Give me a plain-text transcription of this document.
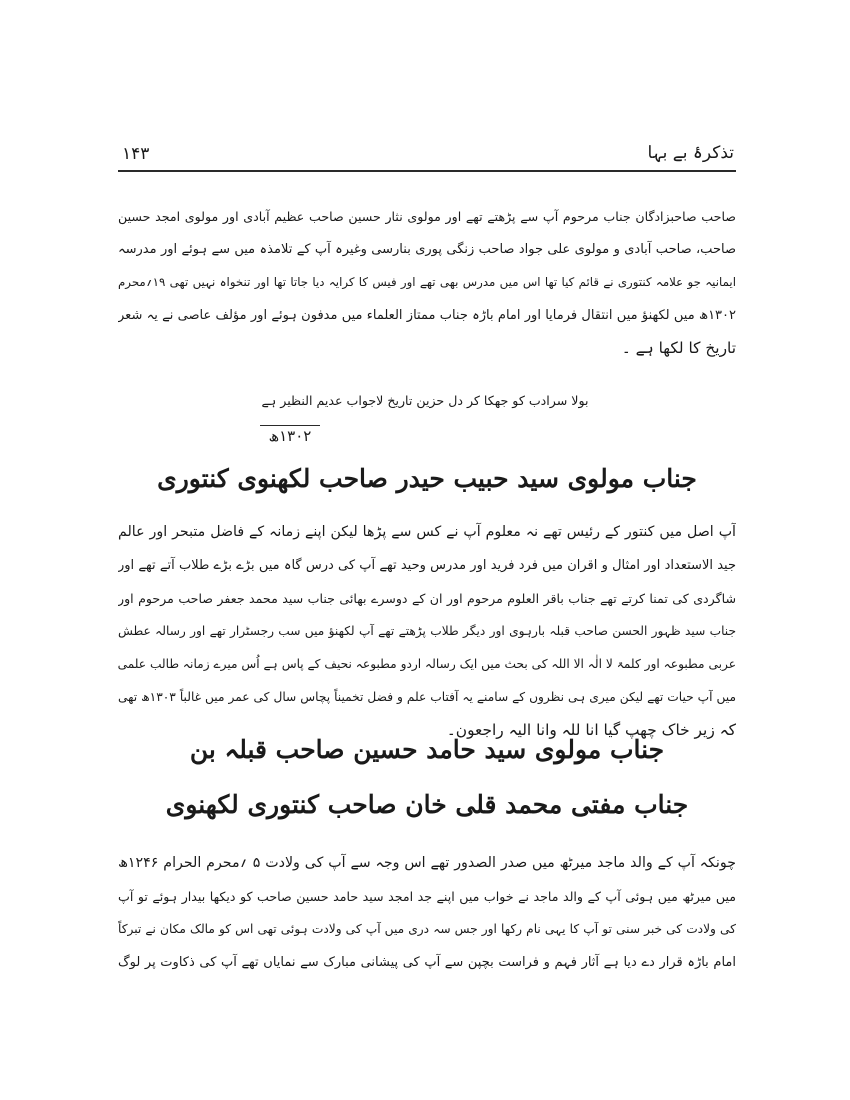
تذکرۂ بے بہا
۱۴۳
صاحب صاحبزادگان جناب مرحوم آپ سے پڑھتے تھے اور مولوی نثار حسین صاحب عظیم آبادی اور مولوی امجد حسین
صاحب، صاحب آبادی و مولوی علی جواد صاحب زنگی پوری بنارسی وغیرہ آپ کے تلامذہ میں سے ہوئے اور مدرسہ
ایمانیہ جو علامہ کنتوری نے قائم کیا تھا اس میں مدرس بھی تھے اور فیس کا کرایہ دیا جاتا تھا اور تنخواہ نہیں تھی ۱۹؍محرم
۱۳۰۲ھ میں لکھنؤ میں انتقال فرمایا اور امام باڑہ جناب ممتاز العلماء میں مدفون ہوئے اور مؤلف عاصی نے یہ شعر
تاریخ کا لکھا ہے ۔
بولا سرادب کو جھکا کر دل حزین تاریخ لاجواب عدیم النظیر ہے
۱۳۰۲ھ
جناب مولوی سید حبیب حیدر صاحب لکھنوی کنتوری
آپ اصل میں کنتور کے رئیس تھے نہ معلوم آپ نے کس سے پڑھا لیکن اپنے زمانہ کے فاضل متبحر اور عالم
جید الاستعداد اور امثال و اقران میں فرد فرید اور مدرس وحید تھے آپ کی درس گاہ میں بڑے بڑے طلاب آتے تھے اور
شاگردی کی تمنا کرتے تھے جناب باقر العلوم مرحوم اور ان کے دوسرے بھائی جناب سید محمد جعفر صاحب مرحوم اور
جناب سید ظہور الحسن صاحب قبلہ بارہوی اور دیگر طلاب پڑھتے تھے آپ لکھنؤ میں سب رجسٹرار تھے اور رسالہ عطش
عربی مطبوعہ اور کلمۃ لا الٰہ الا اللہ کی بحث میں ایک رسالہ اردو مطبوعہ نحیف کے پاس ہے اُس میرے زمانہ طالب علمی
میں آپ حیات تھے لیکن میری ہی نظروں کے سامنے یہ آفتاب علم و فضل تخمیناً پچاس سال کی عمر میں غالباً ۱۳۰۳ھ تھی
کہ زیر خاک چھپ گیا انا للہ وانا الیہ راجعون۔
جناب مولوی سید حامد حسین صاحب قبلہ بن
جناب مفتی محمد قلی خان صاحب کنتوری لکھنوی
چونکہ آپ کے والد ماجد میرٹھ میں صدر الصدور تھے اس وجہ سے آپ کی ولادت ۵ ؍محرم الحرام ۱۲۴۶ھ
میں میرٹھ میں ہوئی آپ کے والد ماجد نے خواب میں اپنے جد امجد سید حامد حسین صاحب کو دیکھا بیدار ہوئے تو آپ
کی ولادت کی خبر سنی تو آپ کا یہی نام رکھا اور جس سہ دری میں آپ کی ولادت ہوئی تھی اس کو مالک مکان نے تبرکاً
امام باڑہ قرار دے دیا ہے آثار فہم و فراست بچپن سے آپ کی پیشانی مبارک سے نمایاں تھے آپ کی ذکاوت پر لوگ
